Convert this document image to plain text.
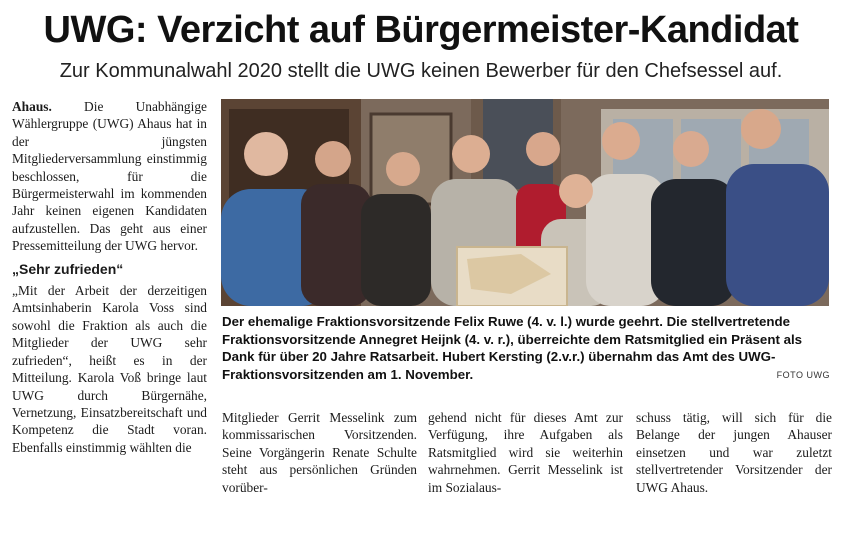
UWG: Verzicht auf Bürgermeister-Kandidat
Zur Kommunalwahl 2020 stellt die UWG keinen Bewerber für den Chefsessel auf.
Ahaus. Die Unabhängige Wählergruppe (UWG) Ahaus hat in der jüngsten Mitgliederversammlung einstimmig beschlossen, für die Bürgermeisterwahl im kommenden Jahr keinen eigenen Kandidaten aufzustellen. Das geht aus einer Pressemitteilung der UWG hervor.
„Sehr zufrieden“
„Mit der Arbeit der derzeitigen Amtsinhaberin Karola Voss sind sowohl die Fraktion als auch die Mitglieder der UWG sehr zufrieden“, heißt es in der Mitteilung. Karola Voß bringe laut UWG durch Bürgernähe, Vernetzung, Einsatzbereitschaft und Kompetenz die Stadt voran. Ebenfalls einstimmig wählten die
Der ehemalige Fraktionsvorsitzende Felix Ruwe (4. v. l.) wurde geehrt. Die stellvertretende Fraktionsvorsitzende Annegret Heijnk (4. v. r.), überreichte dem Ratsmitglied ein Präsent als Dank für über 20 Jahre Ratsarbeit. Hubert Kersting (2.v.r.) übernahm das Amt des UWG-Fraktionsvorsitzenden am 1. November.	FOTO UWG
Mitglieder Gerrit Messelink zum kommissarischen Vorsitzenden. Seine Vorgängerin Renate Schulte steht aus persönlichen Gründen vorüber-
gehend nicht für dieses Amt zur Verfügung, ihre Aufgaben als Ratsmitglied wird sie weiterhin wahrnehmen. Gerrit Messelink ist im Sozialaus-
schuss tätig, will sich für die Belange der jungen Ahauser einsetzen und war zuletzt stellvertretender Vorsitzender der UWG Ahaus.
